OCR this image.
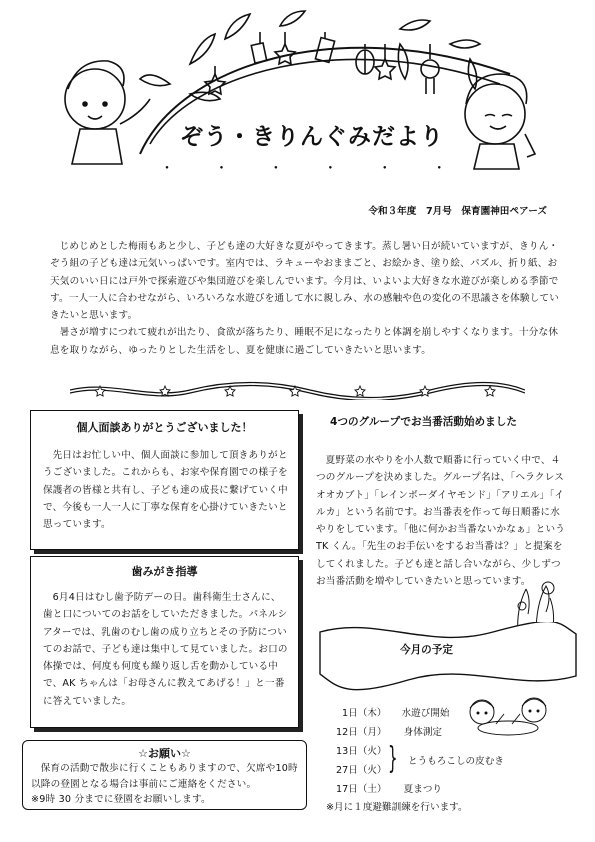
ぞう・きりんぐみだより
・ ・ ・ ・ ・ ・
令和３年度　7月号　保育園神田ペアーズ
じめじめとした梅雨もあと少し、子ども達の大好きな夏がやってきます。蒸し暑い日が続いていますが、きりん・ぞう組の子ども達は元気いっぱいです。室内では、ラキューやおままごと、お絵かき、塗り絵、パズル、折り紙、お天気のいい日には戸外で探索遊びや集団遊びを楽しんでいます。今月は、いよいよ大好きな水遊びが楽しめる季節です。一人一人に合わせながら、いろいろな水遊びを通して水に親しみ、水の感触や色の変化の不思議さを体験していきたいと思います。
暑さが増すにつれて疲れが出たり、食欲が落ちたり、睡眠不足になったりと体調を崩しやすくなります。十分な休息を取りながら、ゆったりとした生活をし、夏を健康に過ごしていきたいと思います。
個人面談ありがとうございました！
先日はお忙しい中、個人面談に参加して頂きありがとうございました。これからも、お家や保育園での様子を保護者の皆様と共有し、子ども達の成長に繋げていく中で、今後も一人一人に丁寧な保育を心掛けていきたいと思っています。
歯みがき指導
6月4日はむし歯予防デーの日。歯科衛生士さんに、歯と口についてのお話をしていただきました。パネルシアターでは、乳歯のむし歯の成り立ちとその予防についてのお話で、子ども達は集中して見ていました。お口の体操では、何度も何度も繰り返し舌を動かしている中で、AK ちゃんは「お母さんに教えてあげる！」と一番に答えていました。
☆お願い☆
保育の活動で散歩に行くこともありますので、欠席や10時以降の登園となる場合は事前にご連絡をください。
※9時 30 分までに登園をお願いします。
4つのグループでお当番活動始めました
夏野菜の水やりを小人数で順番に行っていく中で、４つのグループを決めました。グループ名は、「ヘラクレスオオカブト」「レインボーダイヤモンド」「アリエル」「イルカ」という名前です。お当番表を作って毎日順番に水やりをしています。「他に何かお当番ないかなぁ」という TK くん。「先生のお手伝いをするお当番は？」と提案をしてくれました。子ども達と話し合いながら、少しずつお当番活動を増やしていきたいと思っています。
今月の予定
1日（木） 水遊び開始
12日（月） 身体測定
13日（火）
27日（火） } とうもろこしの皮むき
17日（土） 夏まつり
※月に１度避難訓練を行います。
